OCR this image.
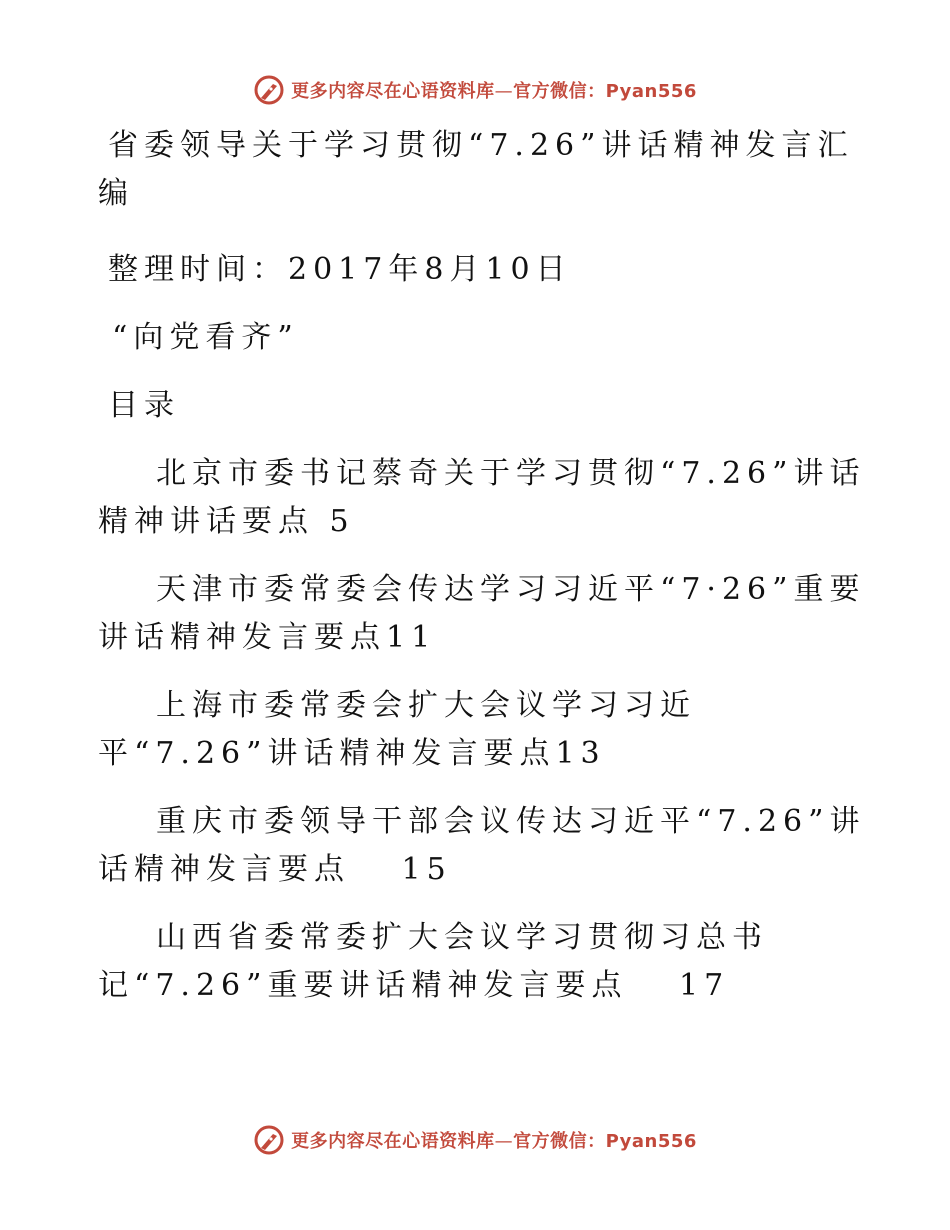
更多内容尽在心语资料库—官方微信：Pyan556
省委领导关于学习贯彻“7.26”讲话精神发言汇
编
整理时间：2017年8月10日
“向党看齐”
目录
北京市委书记蔡奇关于学习贯彻“7.26”讲话
精神讲话要点 5
天津市委常委会传达学习习近平“7·26”重要
讲话精神发言要点11
上海市委常委会扩大会议学习习近
平“7.26”讲话精神发言要点13
重庆市委领导干部会议传达习近平“7.26”讲
话精神发言要点　 15
山西省委常委扩大会议学习贯彻习总书
记“7.26”重要讲话精神发言要点　 17
更多内容尽在心语资料库—官方微信：Pyan556
